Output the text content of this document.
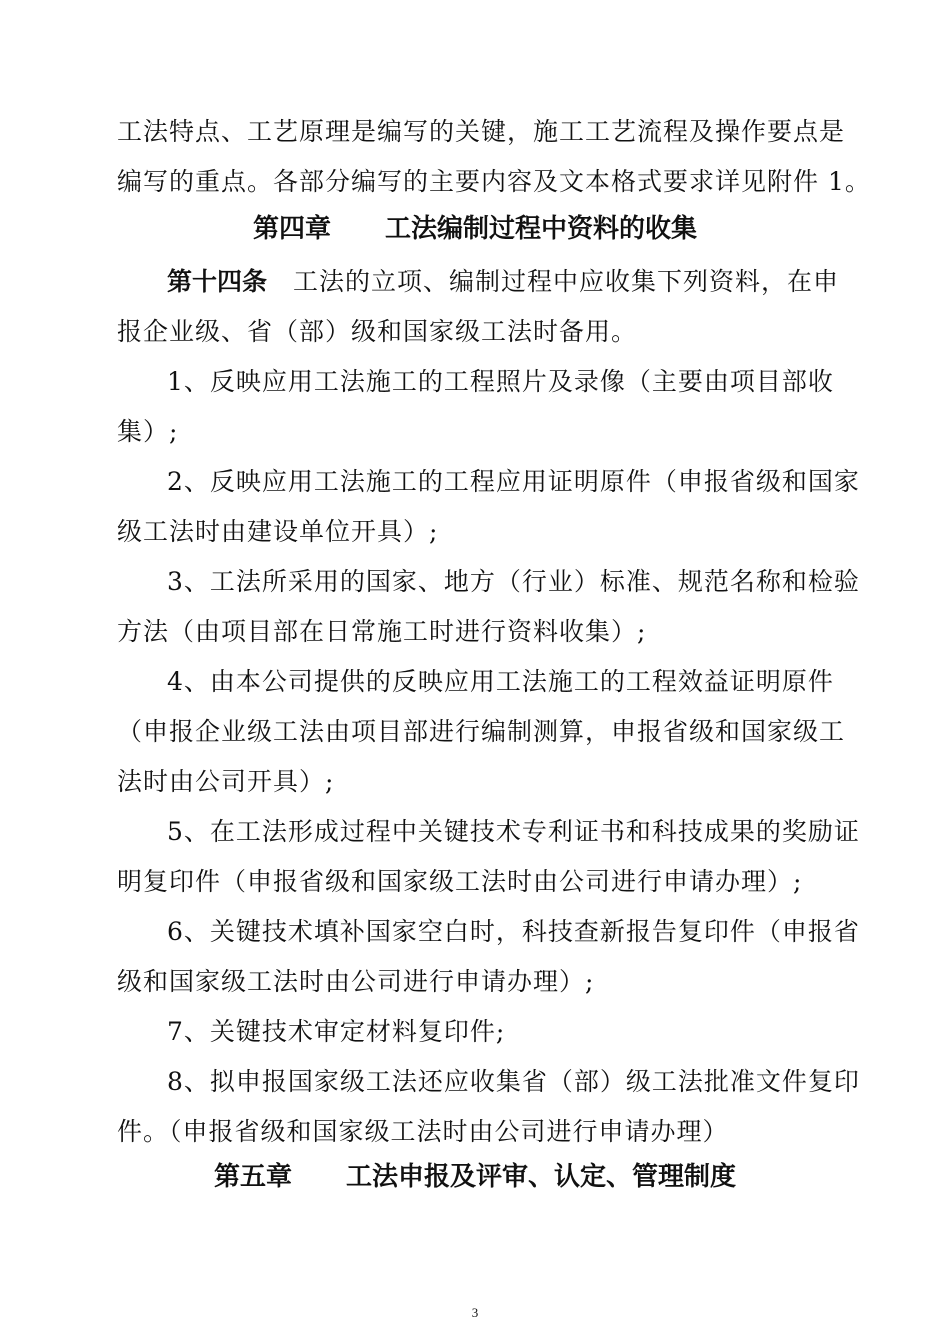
工法特点、工艺原理是编写的关键，施工工艺流程及操作要点是
编写的重点。各部分编写的主要内容及文本格式要求详见附件 1。
第四章 工法编制过程中资料的收集
第十四条 工法的立项、编制过程中应收集下列资料，在申
报企业级、省（部）级和国家级工法时备用。
1、反映应用工法施工的工程照片及录像（主要由项目部收
集）;
2、反映应用工法施工的工程应用证明原件（申报省级和国家
级工法时由建设单位开具）;
3、工法所采用的国家、地方（行业）标准、规范名称和检验
方法（由项目部在日常施工时进行资料收集）;
4、由本公司提供的反映应用工法施工的工程效益证明原件
（申报企业级工法由项目部进行编制测算，申报省级和国家级工
法时由公司开具）;
5、在工法形成过程中关键技术专利证书和科技成果的奖励证
明复印件（申报省级和国家级工法时由公司进行申请办理）;
6、关键技术填补国家空白时，科技查新报告复印件（申报省
级和国家级工法时由公司进行申请办理）;
7、关键技术审定材料复印件;
8、拟申报国家级工法还应收集省（部）级工法批准文件复印
件。（申报省级和国家级工法时由公司进行申请办理）
第五章 工法申报及评审、认定、管理制度
3
